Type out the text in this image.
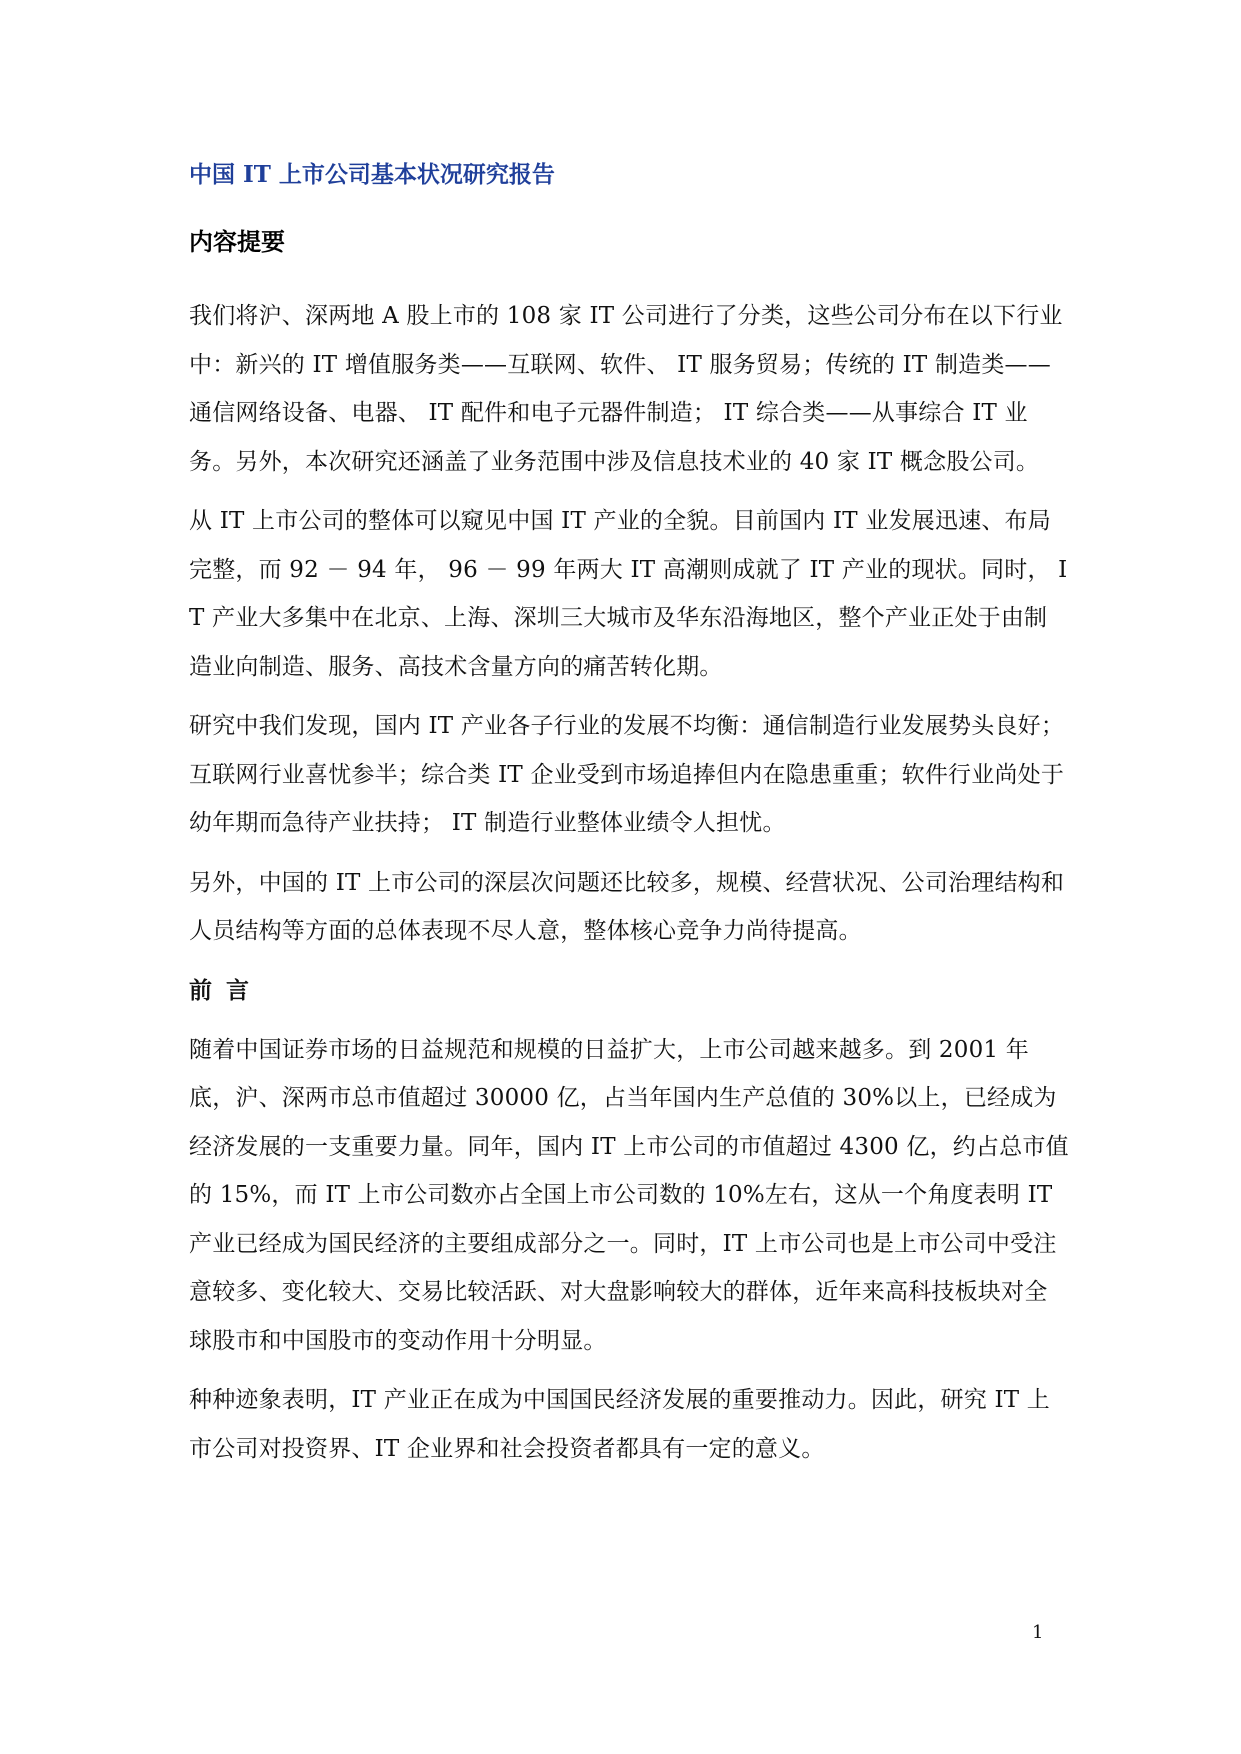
中国 IT 上市公司基本状况研究报告
内容提要

我们将沪、深两地 A 股上市的 108 家 IT 公司进行了分类，这些公司分布在以下行业中：新兴的 IT 增值服务类——互联网、软件、 IT 服务贸易；传统的 IT 制造类——通信网络设备、电器、 IT 配件和电子元器件制造； IT 综合类——从事综合 IT 业务。另外，本次研究还涵盖了业务范围中涉及信息技术业的 40 家 IT 概念股公司。

从 IT 上市公司的整体可以窥见中国 IT 产业的全貌。目前国内 IT 业发展迅速、布局完整，而 92 － 94 年， 96 － 99 年两大 IT 高潮则成就了 IT 产业的现状。同时， IT 产业大多集中在北京、上海、深圳三大城市及华东沿海地区，整个产业正处于由制造业向制造、服务、高技术含量方向的痛苦转化期。

研究中我们发现，国内 IT 产业各子行业的发展不均衡：通信制造行业发展势头良好；互联网行业喜忧参半；综合类 IT 企业受到市场追捧但内在隐患重重；软件行业尚处于幼年期而急待产业扶持； IT 制造行业整体业绩令人担忧。

另外，中国的 IT 上市公司的深层次问题还比较多，规模、经营状况、公司治理结构和人员结构等方面的总体表现不尽人意，整体核心竞争力尚待提高。

前言

随着中国证券市场的日益规范和规模的日益扩大，上市公司越来越多。到 2001 年底，沪、深两市总市值超过 30000 亿，占当年国内生产总值的 30%以上，已经成为经济发展的一支重要力量。同年，国内 IT 上市公司的市值超过 4300 亿，约占总市值的 15%，而 IT 上市公司数亦占全国上市公司数的 10%左右，这从一个角度表明 IT 产业已经成为国民经济的主要组成部分之一。同时，IT 上市公司也是上市公司中受注意较多、变化较大、交易比较活跃、对大盘影响较大的群体，近年来高科技板块对全球股市和中国股市的变动作用十分明显。

种种迹象表明，IT 产业正在成为中国国民经济发展的重要推动力。因此，研究 IT 上市公司对投资界、IT 企业界和社会投资者都具有一定的意义。

1
